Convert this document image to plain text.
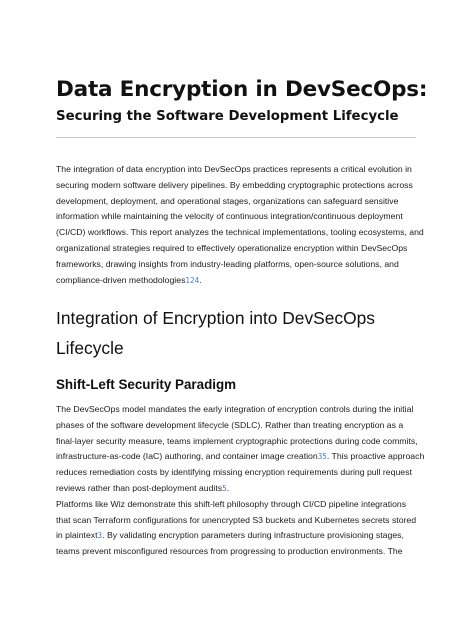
Data Encryption in DevSecOps:
Securing the Software Development Lifecycle

The integration of data encryption into DevSecOps practices represents a critical evolution in
securing modern software delivery pipelines. By embedding cryptographic protections across
development, deployment, and operational stages, organizations can safeguard sensitive
information while maintaining the velocity of continuous integration/continuous deployment
(CI/CD) workflows. This report analyzes the technical implementations, tooling ecosystems, and
organizational strategies required to effectively operationalize encryption within DevSecOps
frameworks, drawing insights from industry-leading platforms, open-source solutions, and
compliance-driven methodologies124.

Integration of Encryption into DevSecOps
Lifecycle
Shift-Left Security Paradigm

The DevSecOps model mandates the early integration of encryption controls during the initial
phases of the software development lifecycle (SDLC). Rather than treating encryption as a
final-layer security measure, teams implement cryptographic protections during code commits,
infrastructure-as-code (IaC) authoring, and container image creation35. This proactive approach
reduces remediation costs by identifying missing encryption requirements during pull request
reviews rather than post-deployment audits5.
Platforms like Wiz demonstrate this shift-left philosophy through CI/CD pipeline integrations
that scan Terraform configurations for unencrypted S3 buckets and Kubernetes secrets stored
in plaintext3. By validating encryption parameters during infrastructure provisioning stages,
teams prevent misconfigured resources from progressing to production environments. The
